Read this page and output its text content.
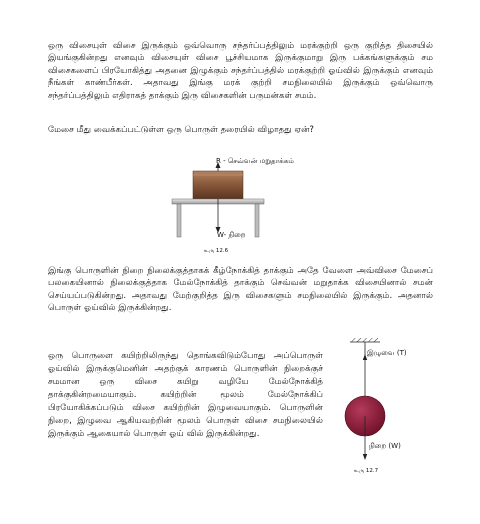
ஒரு விசையுள் விசை இருக்கும் ஒவ்வொரு சந்தர்ப்பத்திலும் மரக்குற்றி ஒரு குறித்த திசையில் இயங்குகின்றது எனவும் விசையுள் விசை பூச்சியமாக இருக்குமாறு இரு பக்கங்களுக்கும் சம விசைகளைப் பிரயோகித்து அதனை இழுக்கும் சந்தர்ப்பத்தில் மரக்குற்றி ஓய்வில் இருக்கும் எனவும் நீங்கள் காண்பீர்கள். அதாவது இங்கு மரக் குற்றி சமநிலையில் இருக்கும் ஒவ்வொரு சந்தர்ப்பத்திலும் எதிராகத் தாக்கும் இரு விசைகளின் பருமன்கள் சமம்.

மேசை மீது வைக்கப்பட்டுள்ள ஒரு பொருள் தரையில் விழாதது ஏன்?

R - செவ்வன் மறுதாக்கம்
W- நிறை
உரு 12.6

இங்கு பொருளின் நிறை நிலைக்குத்தாகக் கீழ்நோக்கித் தாக்கும் அதே வேளை அவ்விசை மேசைப் பலகையினால் நிலைக்குத்தாக மேல்நோக்கித் தாக்கும் செவ்வன் மறுதாக்க விசையினால் சமன் செய்யப்படுகின்றது. அதாவது மேற்குறித்த இரு விசைகளும் சமநிலையில் இருக்கும். அதனால் பொருள் ஓய்வில் இருக்கின்றது.

ஒரு பொருளை கயிற்றிலிருந்து தொங்கவிடும்போது அப்பொருள் ஓய்வில் இருக்குமெனின் அதற்குக் காரணம் பொருளின் நிறைக்குச் சமமான ஒரு விசை கயிறு வழியே மேல்நோக்கித் தாக்குகின்றமையாகும். கயிற்றின் மூலம் மேல்நோக்கிப் பிரயோகிக்கப்படும் விசை கயிற்றின் இழுவையாகும். பொருளின் நிறை, இழுவை ஆகியவற்றின் மூலம் பொருள் விசை சமநிலையில் இருக்கும் ஆகையால் பொருள் ஓய் வில் இருக்கின்றது.

இழுவை (T)
நிறை (W)
உரு 12.7
